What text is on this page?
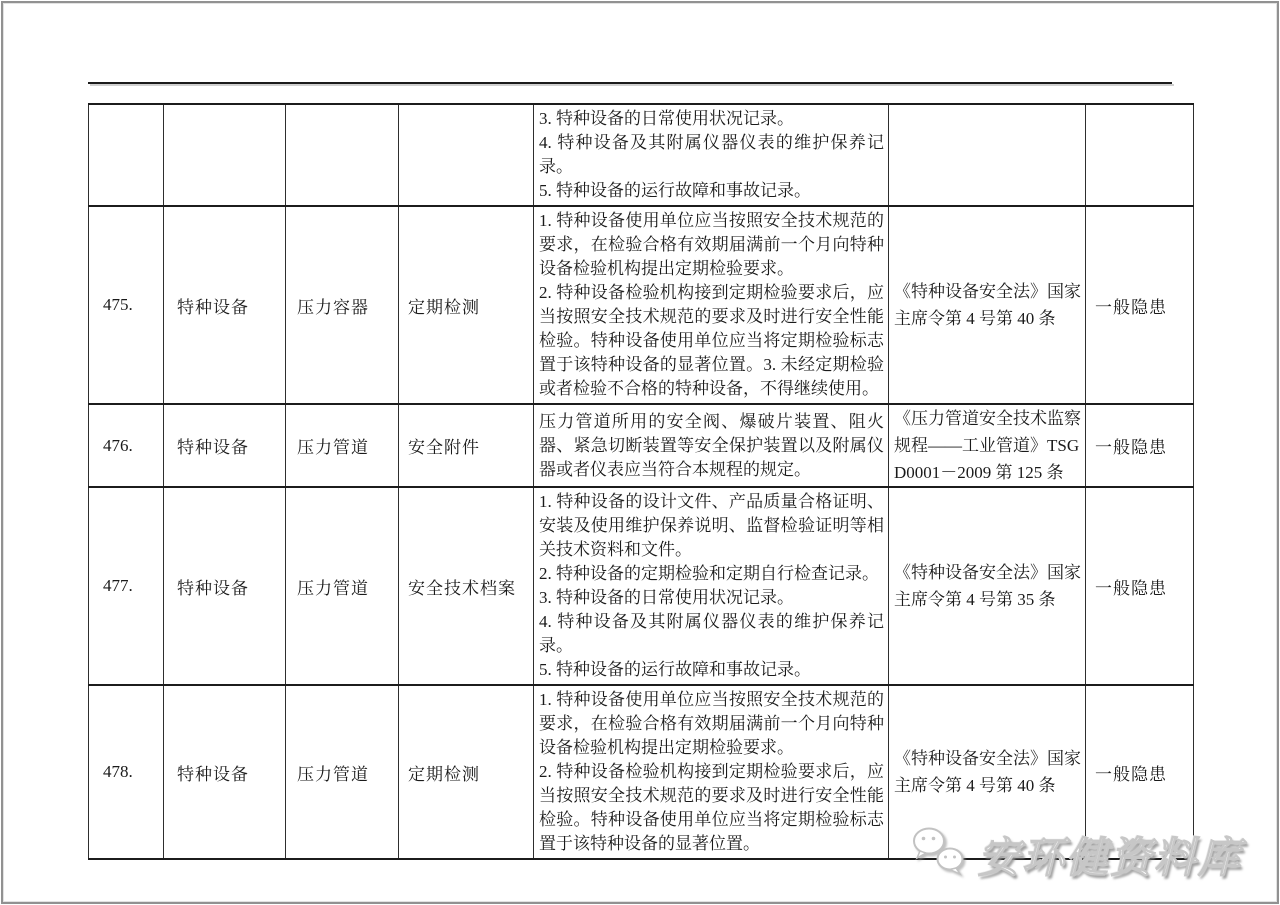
				3. 特种设备的日常使用状况记录。
4. 特种设备及其附属仪器仪表的维护保养记录。
5. 特种设备的运行故障和事故记录。		

475.	特种设备	压力容器	定期检测	1. 特种设备使用单位应当按照安全技术规范的要求，在检验合格有效期届满前一个月向特种设备检验机构提出定期检验要求。
2. 特种设备检验机构接到定期检验要求后，应当按照安全技术规范的要求及时进行安全性能检验。特种设备使用单位应当将定期检验标志置于该特种设备的显著位置。3. 未经定期检验或者检验不合格的特种设备，不得继续使用。	《特种设备安全法》国家主席令第 4 号第 40 条	一般隐患
476.	特种设备	压力管道	安全附件	压力管道所用的安全阀、爆破片装置、阻火器、紧急切断装置等安全保护装置以及附属仪器或者仪表应当符合本规程的规定。	《压力管道安全技术监察规程——工业管道》TSG D0001－2009 第 125 条	一般隐患
477.	特种设备	压力管道	安全技术档案	1. 特种设备的设计文件、产品质量合格证明、安装及使用维护保养说明、监督检验证明等相关技术资料和文件。
2. 特种设备的定期检验和定期自行检查记录。
3. 特种设备的日常使用状况记录。
4. 特种设备及其附属仪器仪表的维护保养记录。
5. 特种设备的运行故障和事故记录。	《特种设备安全法》国家主席令第 4 号第 35 条	一般隐患
478.	特种设备	压力管道	定期检测	1. 特种设备使用单位应当按照安全技术规范的要求，在检验合格有效期届满前一个月向特种设备检验机构提出定期检验要求。
2. 特种设备检验机构接到定期检验要求后，应当按照安全技术规范的要求及时进行安全性能检验。特种设备使用单位应当将定期检验标志置于该特种设备的显著位置。	《特种设备安全法》国家主席令第 4 号第 40 条	一般隐患
安环健资料库
